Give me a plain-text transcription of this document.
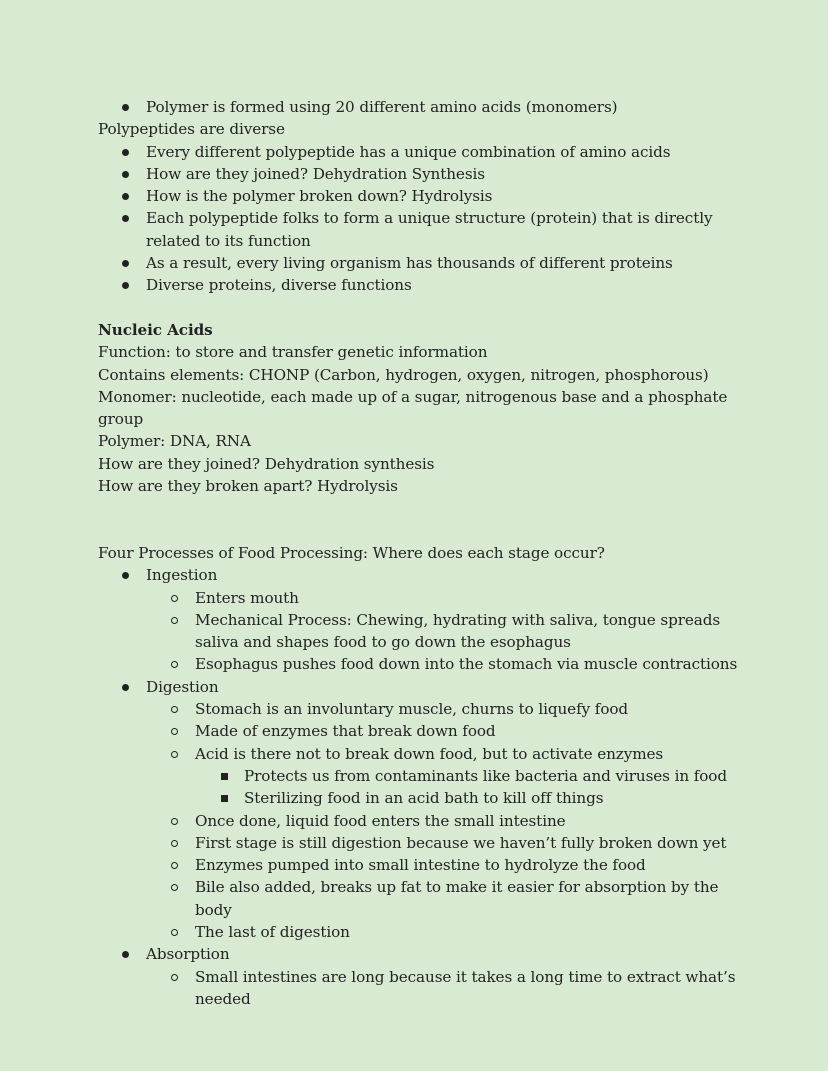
Polymer is formed using 20 different amino acids (monomers)

Polypeptides are diverse

Every different polypeptide has a unique combination of amino acids
How are they joined? Dehydration Synthesis
How is the polymer broken down? Hydrolysis
Each polypeptide folks to form a unique structure (protein) that is directly related to its function
As a result, every living organism has thousands of different proteins
Diverse proteins, diverse functions

Nucleic Acids

Function: to store and transfer genetic information

Contains elements: CHONP (Carbon, hydrogen, oxygen, nitrogen, phosphorous)

Monomer: nucleotide, each made up of a sugar, nitrogenous base and a phosphate group

Polymer: DNA, RNA

How are they joined? Dehydration synthesis

How are they broken apart? Hydrolysis

Four Processes of Food Processing: Where does each stage occur?

Ingestion
Enters mouth
Mechanical Process: Chewing, hydrating with saliva, tongue spreads saliva and shapes food to go down the esophagus
Esophagus pushes food down into the stomach via muscle contractions
Digestion
Stomach is an involuntary muscle, churns to liquefy food
Made of enzymes that break down food
Acid is there not to break down food, but to activate enzymes
Protects us from contaminants like bacteria and viruses in food
Sterilizing food in an acid bath to kill off things
Once done, liquid food enters the small intestine
First stage is still digestion because we haven’t fully broken down yet
Enzymes pumped into small intestine to hydrolyze the food
Bile also added, breaks up fat to make it easier for absorption by the body
The last of digestion
Absorption
Small intestines are long because it takes a long time to extract what’s needed
